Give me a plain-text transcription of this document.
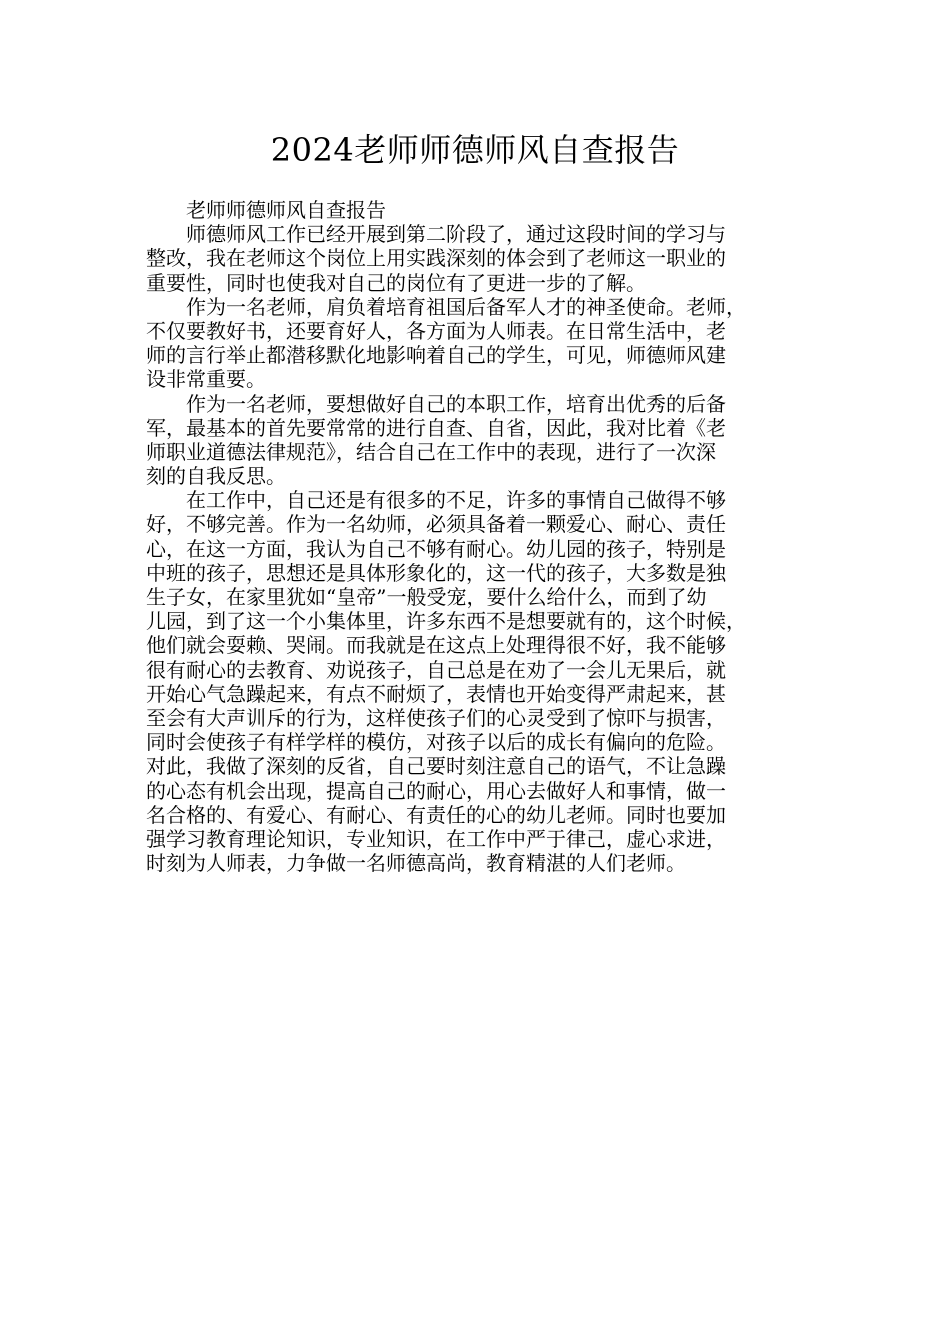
2024老师师德师风自查报告
　　老师师德师风自查报告
　　师德师风工作已经开展到第二阶段了，通过这段时间的学习与
整改，我在老师这个岗位上用实践深刻的体会到了老师这一职业的
重要性，同时也使我对自己的岗位有了更进一步的了解。
　　作为一名老师，肩负着培育祖国后备军人才的神圣使命。老师，
不仅要教好书，还要育好人，各方面为人师表。在日常生活中，老
师的言行举止都潜移默化地影响着自己的学生，可见，师德师风建
设非常重要。
　　作为一名老师，要想做好自己的本职工作，培育出优秀的后备
军，最基本的首先要常常的进行自查、自省，因此，我对比着《老
师职业道德法律规范》，结合自己在工作中的表现，进行了一次深
刻的自我反思。
　　在工作中，自己还是有很多的不足，许多的事情自己做得不够
好，不够完善。作为一名幼师，必须具备着一颗爱心、耐心、责任
心，在这一方面，我认为自己不够有耐心。幼儿园的孩子，特别是
中班的孩子，思想还是具体形象化的，这一代的孩子，大多数是独
生子女，在家里犹如“皇帝”一般受宠，要什么给什么，而到了幼
儿园，到了这一个小集体里，许多东西不是想要就有的，这个时候，
他们就会耍赖、哭闹。而我就是在这点上处理得很不好，我不能够
很有耐心的去教育、劝说孩子，自己总是在劝了一会儿无果后，就
开始心气急躁起来，有点不耐烦了，表情也开始变得严肃起来，甚
至会有大声训斥的行为，这样使孩子们的心灵受到了惊吓与损害，
同时会使孩子有样学样的模仿，对孩子以后的成长有偏向的危险。
对此，我做了深刻的反省，自己要时刻注意自己的语气，不让急躁
的心态有机会出现，提高自己的耐心，用心去做好人和事情，做一
名合格的、有爱心、有耐心、有责任的心的幼儿老师。同时也要加
强学习教育理论知识，专业知识，在工作中严于律己，虚心求进，
时刻为人师表，力争做一名师德高尚，教育精湛的人们老师。
